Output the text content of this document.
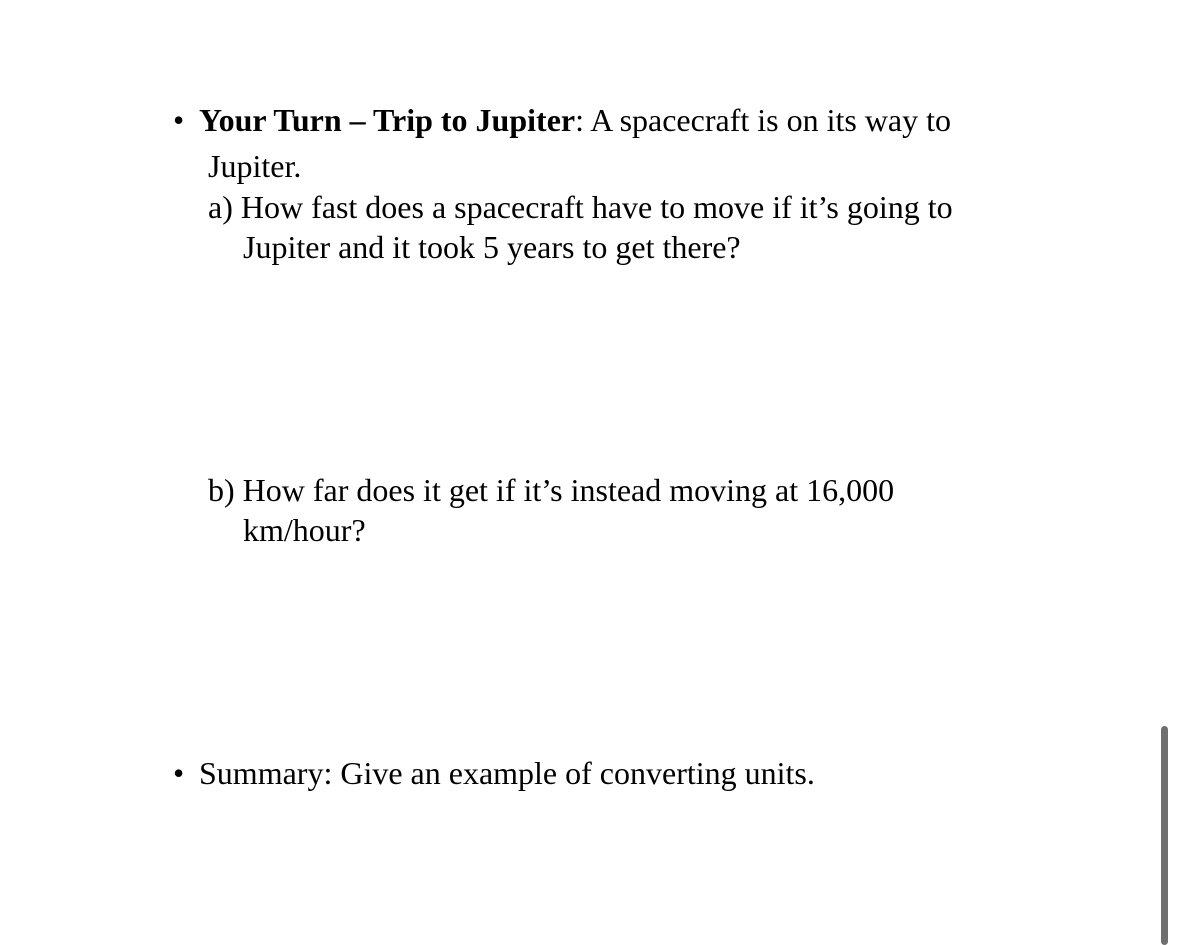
• Your Turn – Trip to Jupiter: A spacecraft is on its way to
Jupiter.
a) How fast does a spacecraft have to move if it’s going to
Jupiter and it took 5 years to get there?
b) How far does it get if it’s instead moving at 16,000
km/hour?
• Summary: Give an example of converting units.
